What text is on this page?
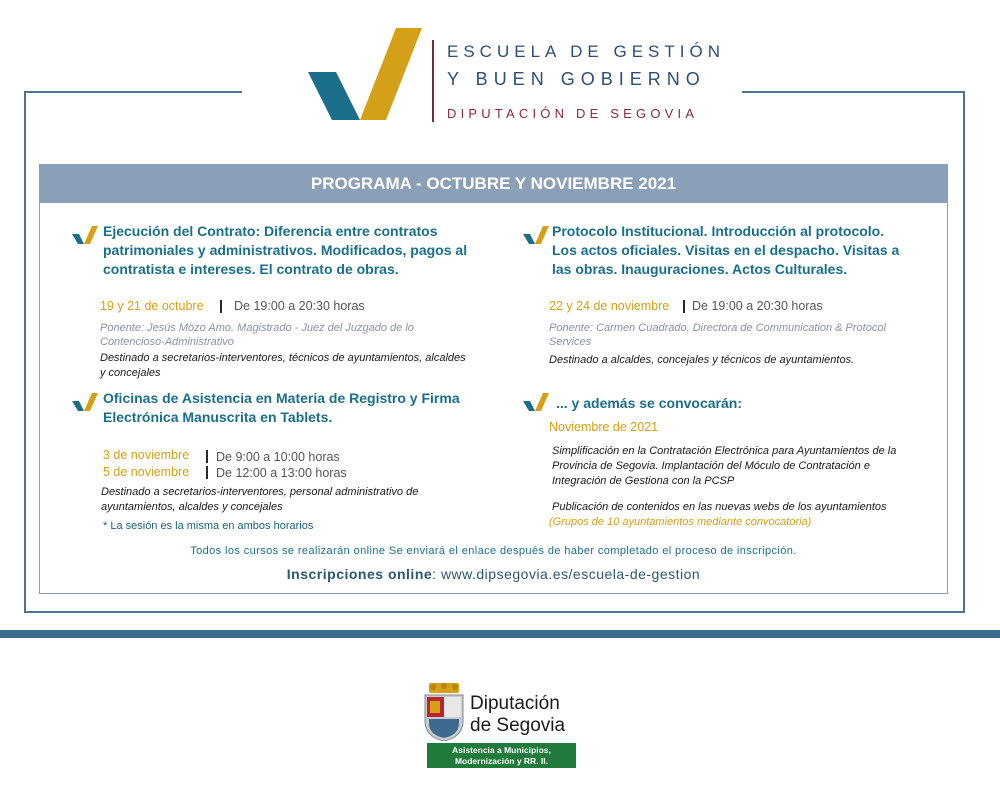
ESCUELA DE GESTIÓN
Y BUEN GOBIERNO
DIPUTACIÓN DE SEGOVIA
PROGRAMA - OCTUBRE Y NOVIEMBRE 2021
Ejecución del Contrato: Diferencia entre contratos patrimoniales y administrativos. Modificados, pagos al contratista e intereses. El contrato de obras.
19 y 21 de octubre De 19:00 a 20:30 horas
Ponente: Jesús Mozo Amo. Magistrado - Juez del Juzgado de lo Contencioso-Administrativo
Destinado a secretarios-interventores, técnicos de ayuntamientos, alcaldes y concejales
Protocolo Institucional. Introducción al protocolo. Los actos oficiales. Visitas en el despacho. Visitas a las obras. Inauguraciones. Actos Culturales.
22 y 24 de noviembre De 19:00 a 20:30 horas
Ponente: Carmen Cuadrado, Directora de Communication & Protocol Services
Destinado a alcaldes, concejales y técnicos de ayuntamientos.
Oficinas de Asistencia en Materia de Registro y Firma Electrónica Manuscrita en Tablets.
3 de noviembre De 9:00 a 10:00 horas
5 de noviembre De 12:00 a 13:00 horas
Destinado a secretarios-interventores, personal administrativo de ayuntamientos, alcaldes y concejales
* La sesión es la misma en ambos horarios
... y además se convocarán:
Noviembre de 2021
Simplificación en la Contratación Electrónica para Ayuntamientos de la Provincia de Segovia. Implantación del Móculo de Contratación e Integración de Gestiona con la PCSP
Publicación de contenidos en las nuevas webs de los ayuntamientos
(Grupos de 10 ayuntamientos mediante convocatoria)
Todos los cursos se realizarán online Se enviará el enlace después de haber completado el proceso de inscripción.
Inscripciones online: www.dipsegovia.es/escuela-de-gestion
Diputación
de Segovia
Asistencia a Municipios,
Modernización y RR. II.
